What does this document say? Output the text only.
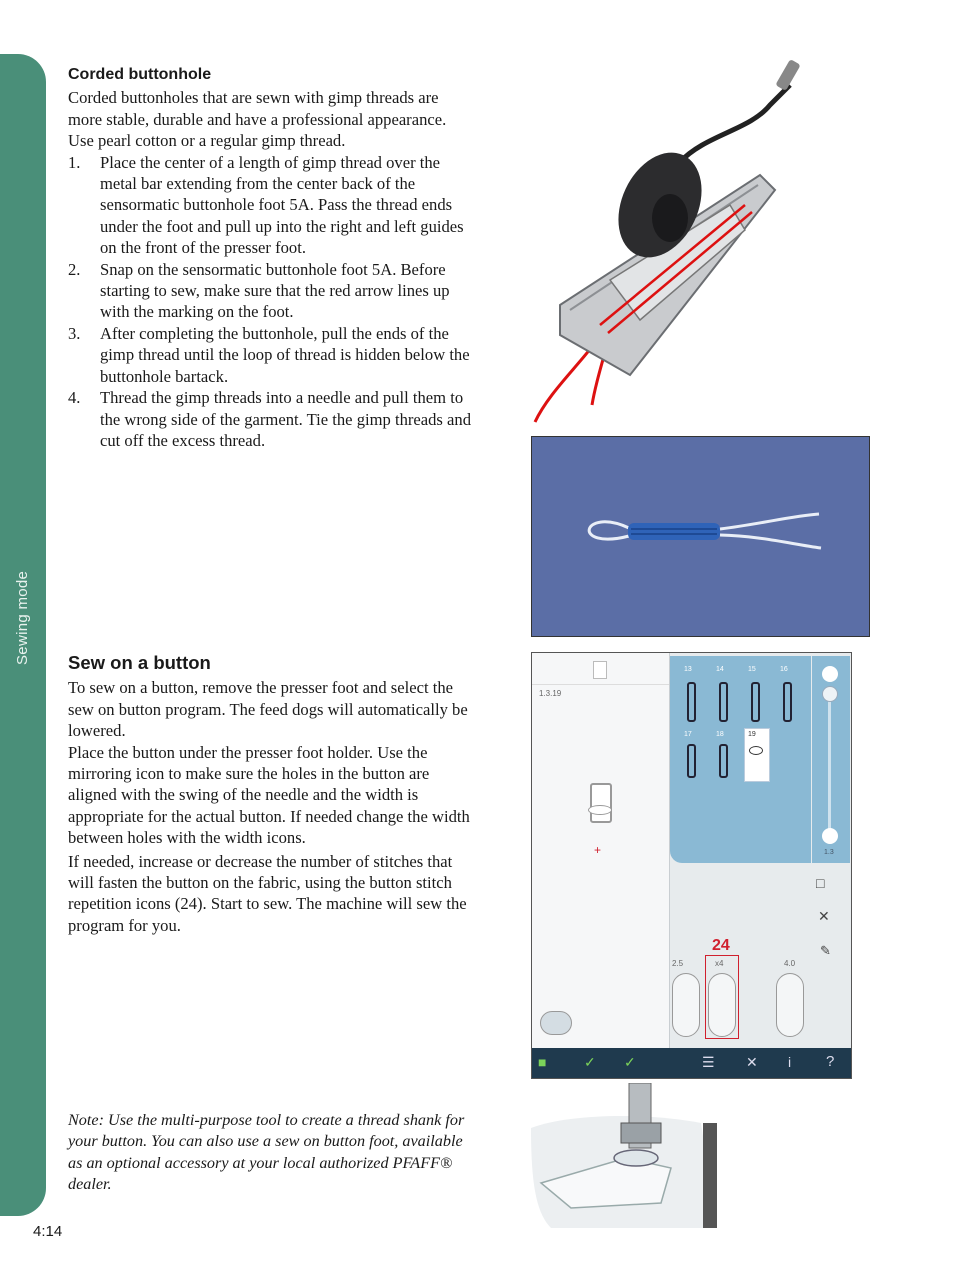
Sewing mode
4:14
Corded buttonhole

Corded buttonholes that are sewn with gimp threads are more stable, durable and have a professional appearance. Use pearl cotton or a regular gimp thread.

1. Place the center of a length of gimp thread over the metal bar extending from the center back of the sensormatic buttonhole foot 5A. Pass the thread ends under the foot and pull up into the right and left guides on the front of the presser foot.
2. Snap on the sensormatic buttonhole foot 5A. Before starting to sew, make sure that the red arrow lines up with the marking on the foot.
3. After completing the buttonhole, pull the ends of the gimp thread until the loop of thread is hidden below the buttonhole bartack.
4. Thread the gimp threads into a needle and pull them to the wrong side of the garment. Tie the gimp threads and cut off the excess thread.
Sew on a button

To sew on a button, remove the presser foot and select the sew on button program. The feed dogs will automatically be lowered.

Place the button under the presser foot holder. Use the mirroring icon to make sure the holes in the button are aligned with the swing of the needle and the width is appropriate for the actual button. If needed change the width between holes with the width icons.

If needed, increase or decrease the number of stitches that will fasten the button on the fabric, using the button stitch repetition icons (24). Start to sew. The machine will sew the program for you.

Note: Use the multi-purpose tool to create a thread shank for your button. You can also use a sew on button foot, available as an optional accessory at your local authorized PFAFF® dealer.
1.3.19
+
13	14	15	16
17	18	19
1.3
□
✕
✎
2.5	x4	4.0
24
■	✓ ✓	☰ ✕ i ?
